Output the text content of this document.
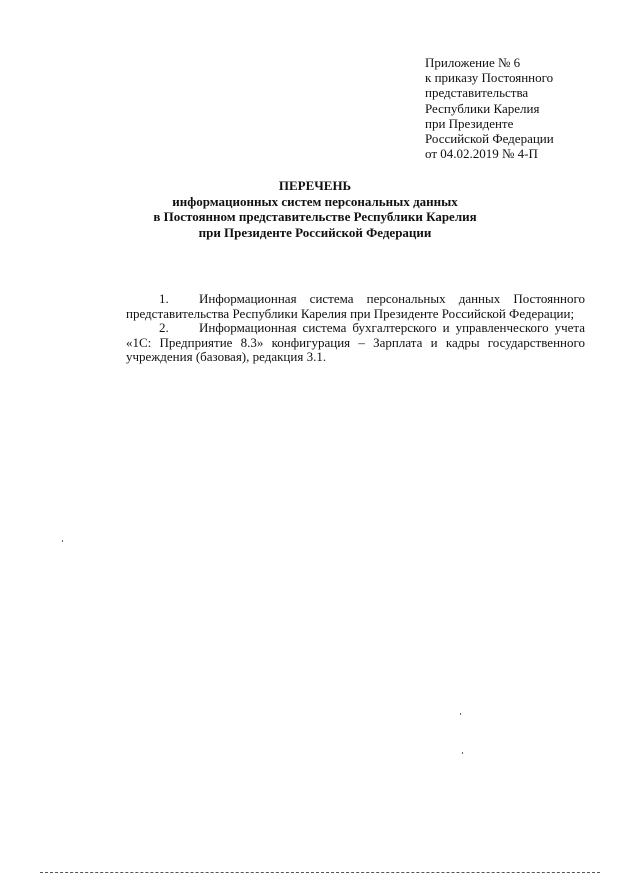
Приложение № 6
к приказу Постоянного
представительства
Республики Карелия
при Президенте
Российской Федерации
от 04.02.2019 № 4-П
ПЕРЕЧЕНЬ
информационных систем персональных данных
в Постоянном представительстве Республики Карелия
при Президенте Российской Федерации

1. Информационная система персональных данных Постоянного представительства Республики Карелия при Президенте Российской Федерации;

2. Информационная система бухгалтерского и управленческого учета «1С: Предприятие 8.3» конфигурация – Зарплата и кадры государственного учреждения (базовая), редакция 3.1.
